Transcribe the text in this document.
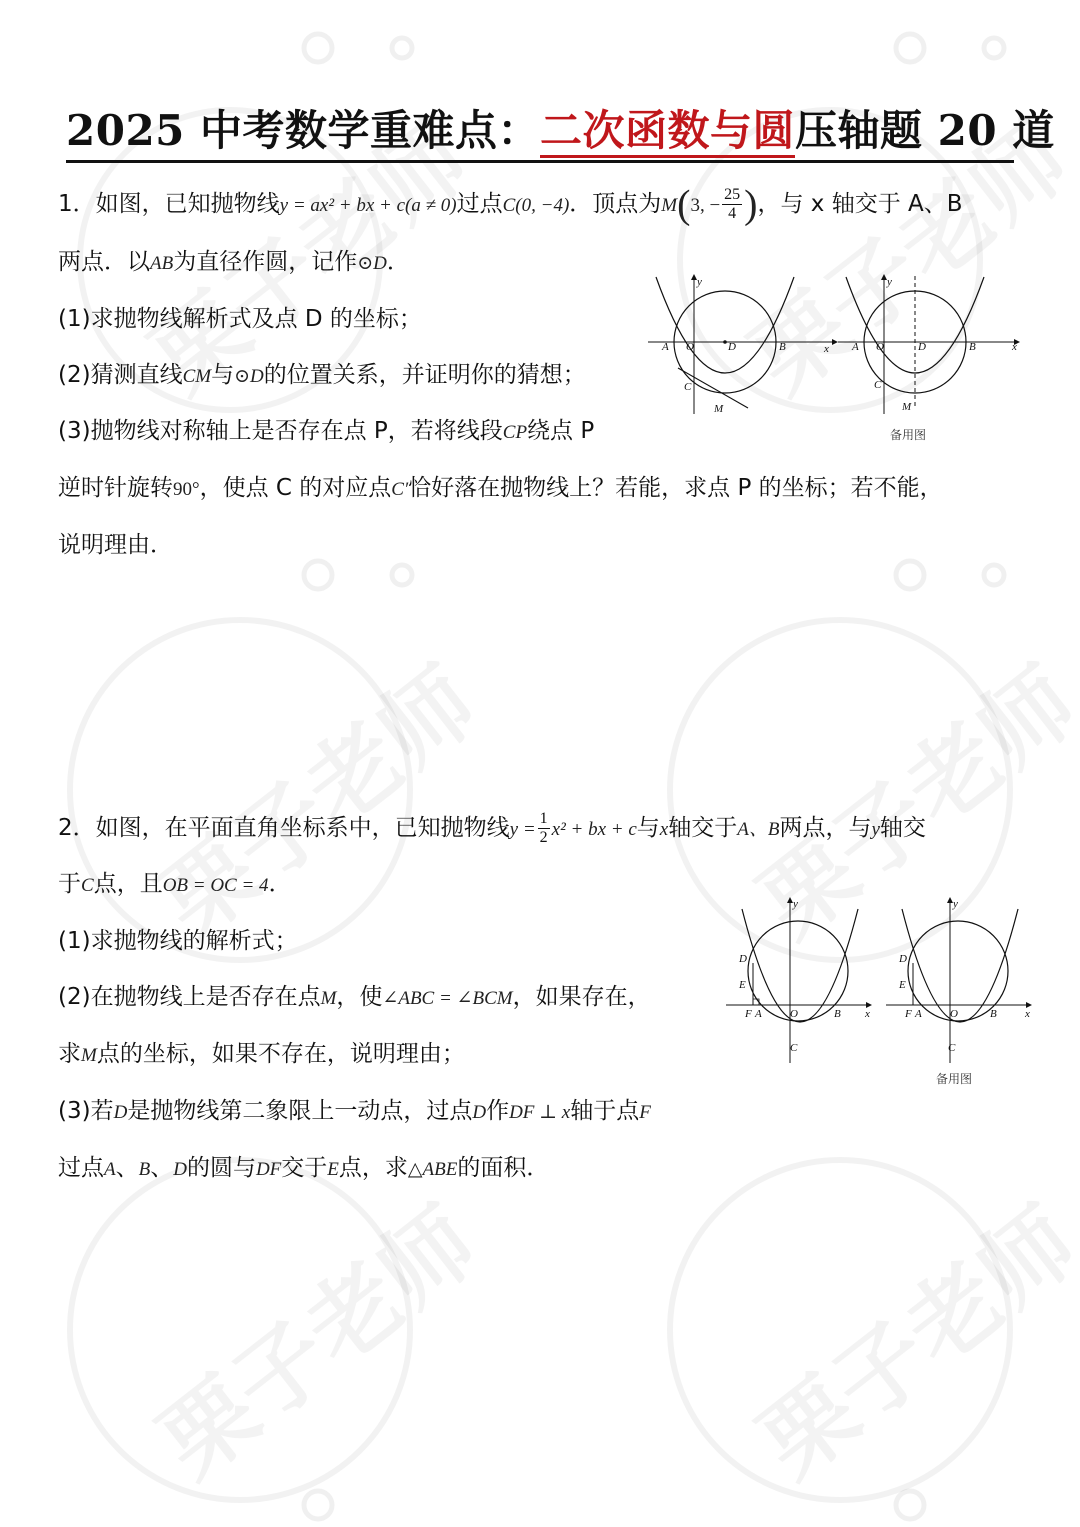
2025 中考数学重难点：二次函数与圆压轴题 20 道
1．如图，已知抛物线y = ax² + bx + c(a ≠ 0)过点C(0, −4)．顶点为M(3, − $\frac{25}{4}$ )，与 x 轴交于 A、B
两点．以AB为直径作圆，记作⊙D．
(1)求抛物线解析式及点 D 的坐标；
(2)猜测直线CM与⊙D的位置关系，并证明你的猜想；
(3)抛物线对称轴上是否存在点 P，若将线段CP绕点 P
逆时针旋转90°，使点 C 的对应点C′恰好落在抛物线上？若能，求点 P 的坐标；若不能，
说明理由．
y
x
A O	D	B
C
M
y
x
A O	D	B
C
M
备用图
2．如图，在平面直角坐标系中，已知抛物线$y = \frac{1}{2} x^2$ + bx + c与x轴交于A、B两点，与y轴交
于C点，且OB = OC = 4．
(1)求抛物线的解析式；
(2)在抛物线上是否存在点M，使∠ABC = ∠BCM，如果存在，
求M点的坐标，如果不存在，说明理由；
(3)若D是抛物线第二象限上一动点，过点D作DF ⊥ x轴于点F
过点A、B、D的圆与DF交于E点，求△ABE的面积．
y
x
D
E
F A	O	B
C
y
x
D
E
F A	O	B
C
备用图
